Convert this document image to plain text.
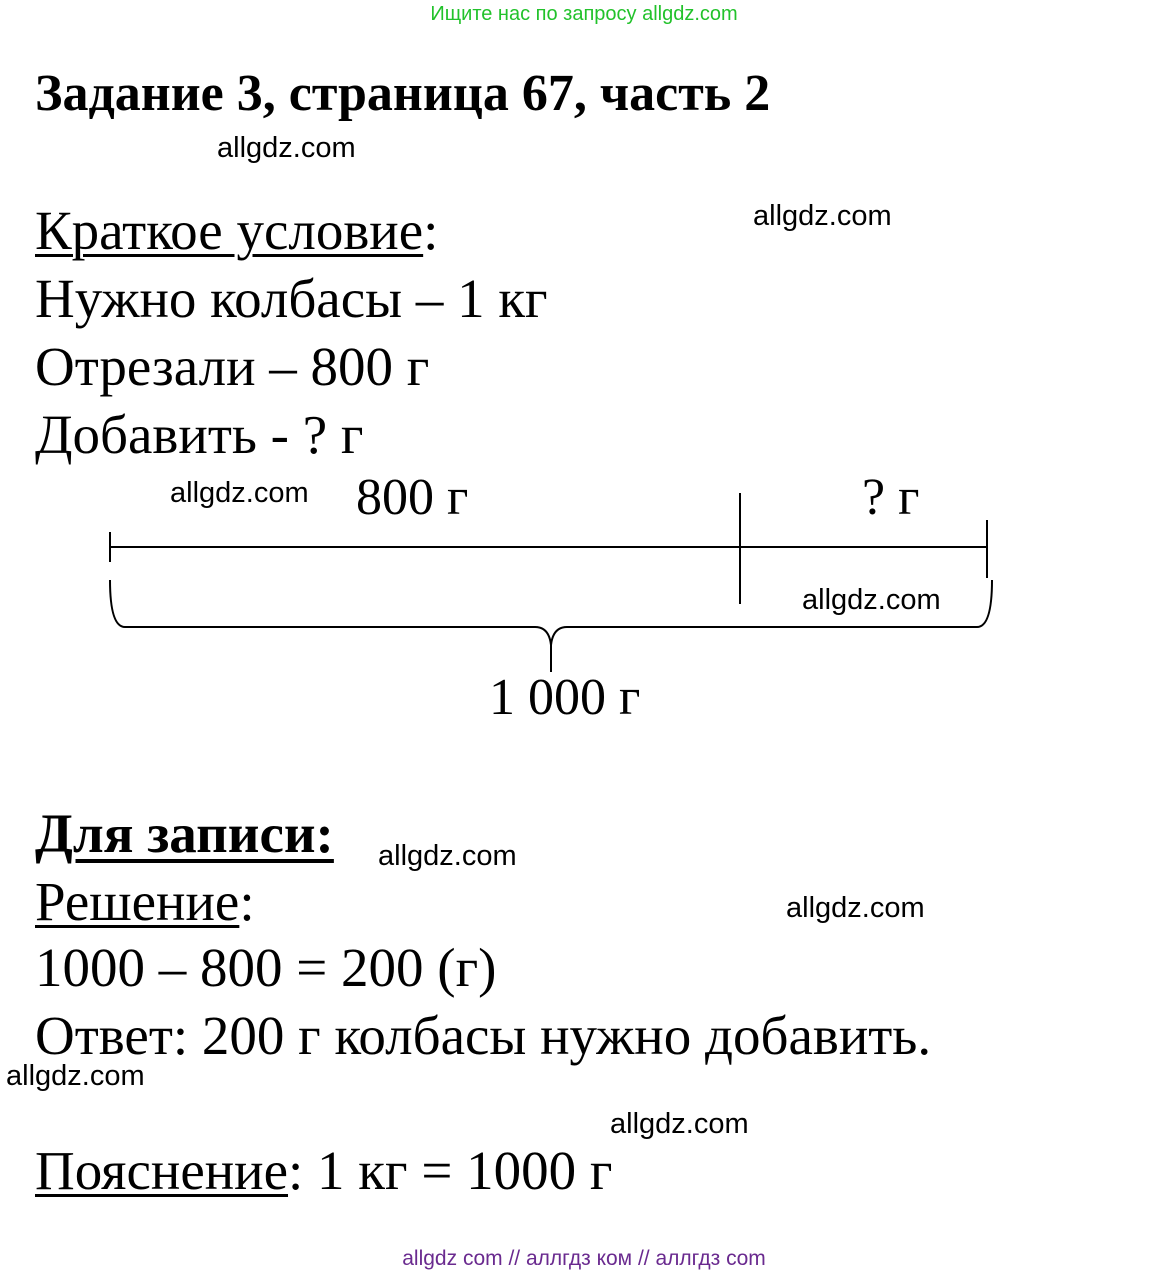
Ищите нас по запросу allgdz.com
Задание 3, страница 67, часть 2
allgdz.com
allgdz.com
Краткое условие:
Нужно колбасы – 1 кг
Отрезали – 800 г
Добавить - ? г
allgdz.com 800 г	? г
allgdz.com
1 000 г
Для записи: allgdz.com
Решение:	allgdz.com
1000 – 800 = 200 (г)
Ответ: 200 г колбасы нужно добавить.
allgdz.com
allgdz.com
Пояснение: 1 кг = 1000 г
allgdz com // аллгдз ком // аллгдз com
